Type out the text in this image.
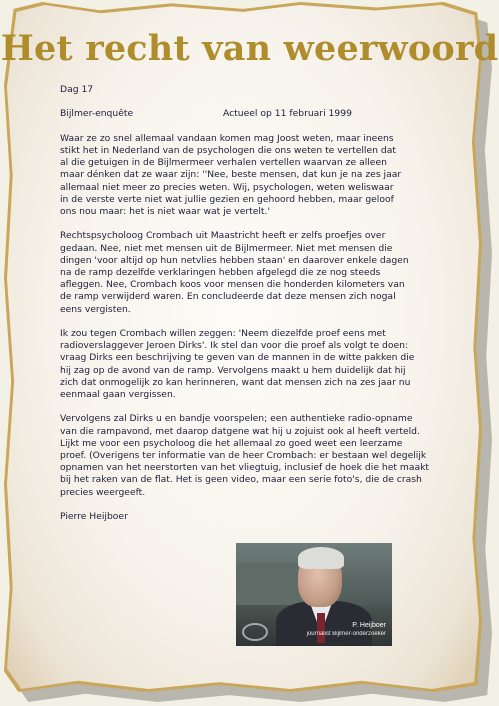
Het recht van weerwoord

Dag 17

Bijlmer-enquête	Actueel op 11 februari 1999

Waar ze zo snel allemaal vandaan komen mag Joost weten, maar ineens
stikt het in Nederland van de psychologen die ons weten te vertellen dat
al die getuigen in de Bijlmermeer verhalen vertellen waarvan ze alleen
maar dénken dat ze waar zijn: ''Nee, beste mensen, dat kun je na zes jaar
allemaal niet meer zo precies weten. Wij, psychologen, weten weliswaar
in de verste verte niet wat jullie gezien en gehoord hebben, maar geloof
ons nou maar: het is niet waar wat je vertelt.'

Rechtspsycholoog Crombach uit Maastricht heeft er zelfs proefjes over
gedaan. Nee, niet met mensen uit de Bijlmermeer. Niet met mensen die
dingen 'voor altijd op hun netvlies hebben staan' en daarover enkele dagen
na de ramp dezelfde verklaringen hebben afgelegd die ze nog steeds
afleggen. Nee, Crombach koos voor mensen die honderden kilometers van
de ramp verwijderd waren. En concludeerde dat deze mensen zich nogal
eens vergisten.

Ik zou tegen Crombach willen zeggen: 'Neem diezelfde proef eens met
radioverslaggever Jeroen Dirks'. Ik stel dan voor die proef als volgt te doen:
vraag Dirks een beschrijving te geven van de mannen in de witte pakken die
hij zag op de avond van de ramp. Vervolgens maakt u hem duidelijk dat hij
zich dat onmogelijk zo kan herinneren, want dat mensen zich na zes jaar nu
eenmaal gaan vergissen.

Vervolgens zal Dirks u en bandje voorspelen; een authentieke radio-opname
van die rampavond, met daarop datgene wat hij u zojuist ook al heeft verteld.
Lijkt me voor een psycholoog die het allemaal zo goed weet een leerzame
proef. (Overigens ter informatie van de heer Crombach: er bestaan wel degelijk
opnamen van het neerstorten van het vliegtuig, inclusief de hoek die het maakt
bij het raken van de flat. Het is geen video, maar een serie foto's, die de crash
precies weergeeft.

Pierre Heijboer

P. Heijboer
journalist Bijlmer-onderzoeker
